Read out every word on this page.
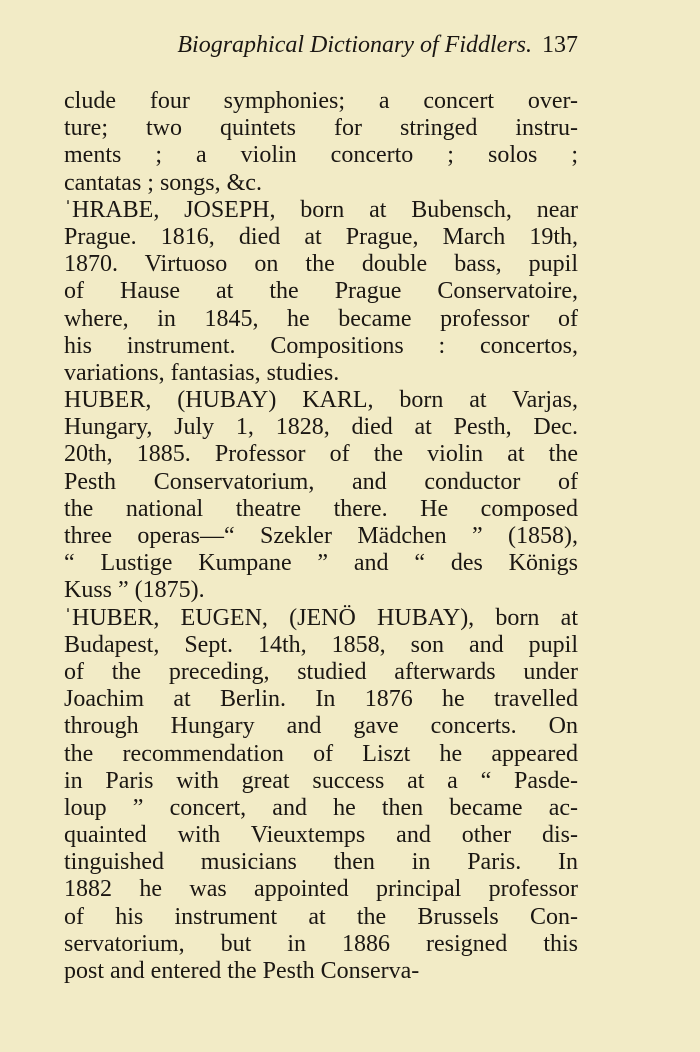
Biographical Dictionary of Fiddlers. 137
clude four symphonies; a concert over-
ture; two quintets for stringed instru-
ments ; a violin concerto ; solos ;
cantatas ; songs, &c.
ˈHRABE, JOSEPH, born at Bubensch, near
Prague. 1816, died at Prague, March 19th,
1870. Virtuoso on the double bass, pupil
of Hause at the Prague Conservatoire,
where, in 1845, he became professor of
his instrument. Compositions : concertos,
variations, fantasias, studies.
HUBER, (HUBAY) KARL, born at Varjas,
Hungary, July 1, 1828, died at Pesth, Dec.
20th, 1885. Professor of the violin at the
Pesth Conservatorium, and conductor of
the national theatre there. He composed
three operas—“ Szekler Mädchen ” (1858),
“ Lustige Kumpane ” and “ des Königs
Kuss ” (1875).
ˈHUBER, EUGEN, (JENÖ HUBAY), born at
Budapest, Sept. 14th, 1858, son and pupil
of the preceding, studied afterwards under
Joachim at Berlin. In 1876 he travelled
through Hungary and gave concerts. On
the recommendation of Liszt he appeared
in Paris with great success at a “ Pasde-
loup ” concert, and he then became ac-
quainted with Vieuxtemps and other dis-
tinguished musicians then in Paris. In
1882 he was appointed principal professor
of his instrument at the Brussels Con-
servatorium, but in 1886 resigned this
post and entered the Pesth Conserva-
